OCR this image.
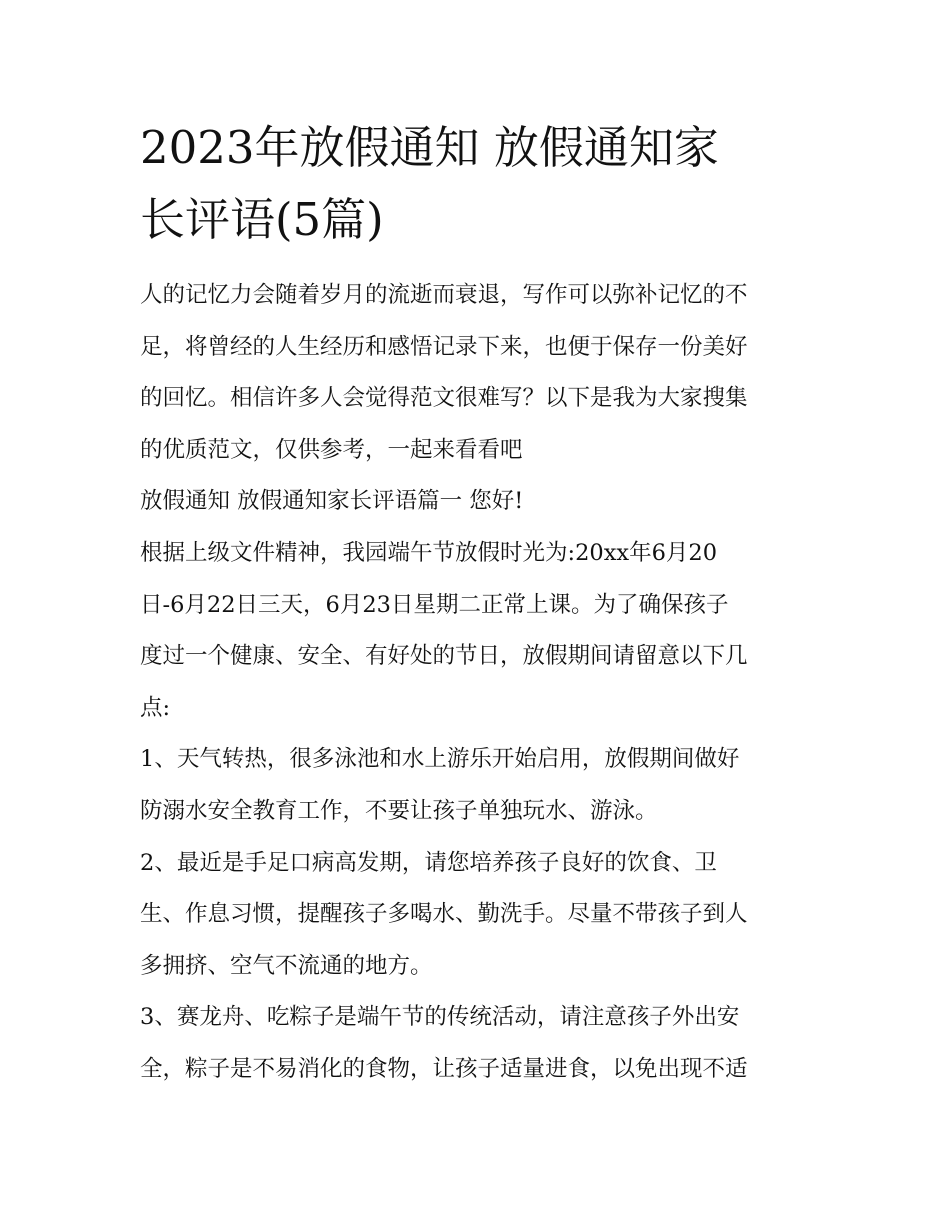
2023年放假通知 放假通知家
长评语(5篇)

人的记忆力会随着岁月的流逝而衰退，写作可以弥补记忆的不
足，将曾经的人生经历和感悟记录下来，也便于保存一份美好
的回忆。相信许多人会觉得范文很难写？以下是我为大家搜集
的优质范文，仅供参考，一起来看看吧

放假通知 放假通知家长评语篇一 您好!

根据上级文件精神，我园端午节放假时光为:20xx年6月20
日-6月22日三天，6月23日星期二正常上课。为了确保孩子
度过一个健康、安全、有好处的节日，放假期间请留意以下几
点:

1、天气转热，很多泳池和水上游乐开始启用，放假期间做好
防溺水安全教育工作，不要让孩子单独玩水、游泳。

2、最近是手足口病高发期，请您培养孩子良好的饮食、卫
生、作息习惯，提醒孩子多喝水、勤洗手。尽量不带孩子到人
多拥挤、空气不流通的地方。

3、赛龙舟、吃粽子是端午节的传统活动，请注意孩子外出安
全，粽子是不易消化的食物，让孩子适量进食，以免出现不适
